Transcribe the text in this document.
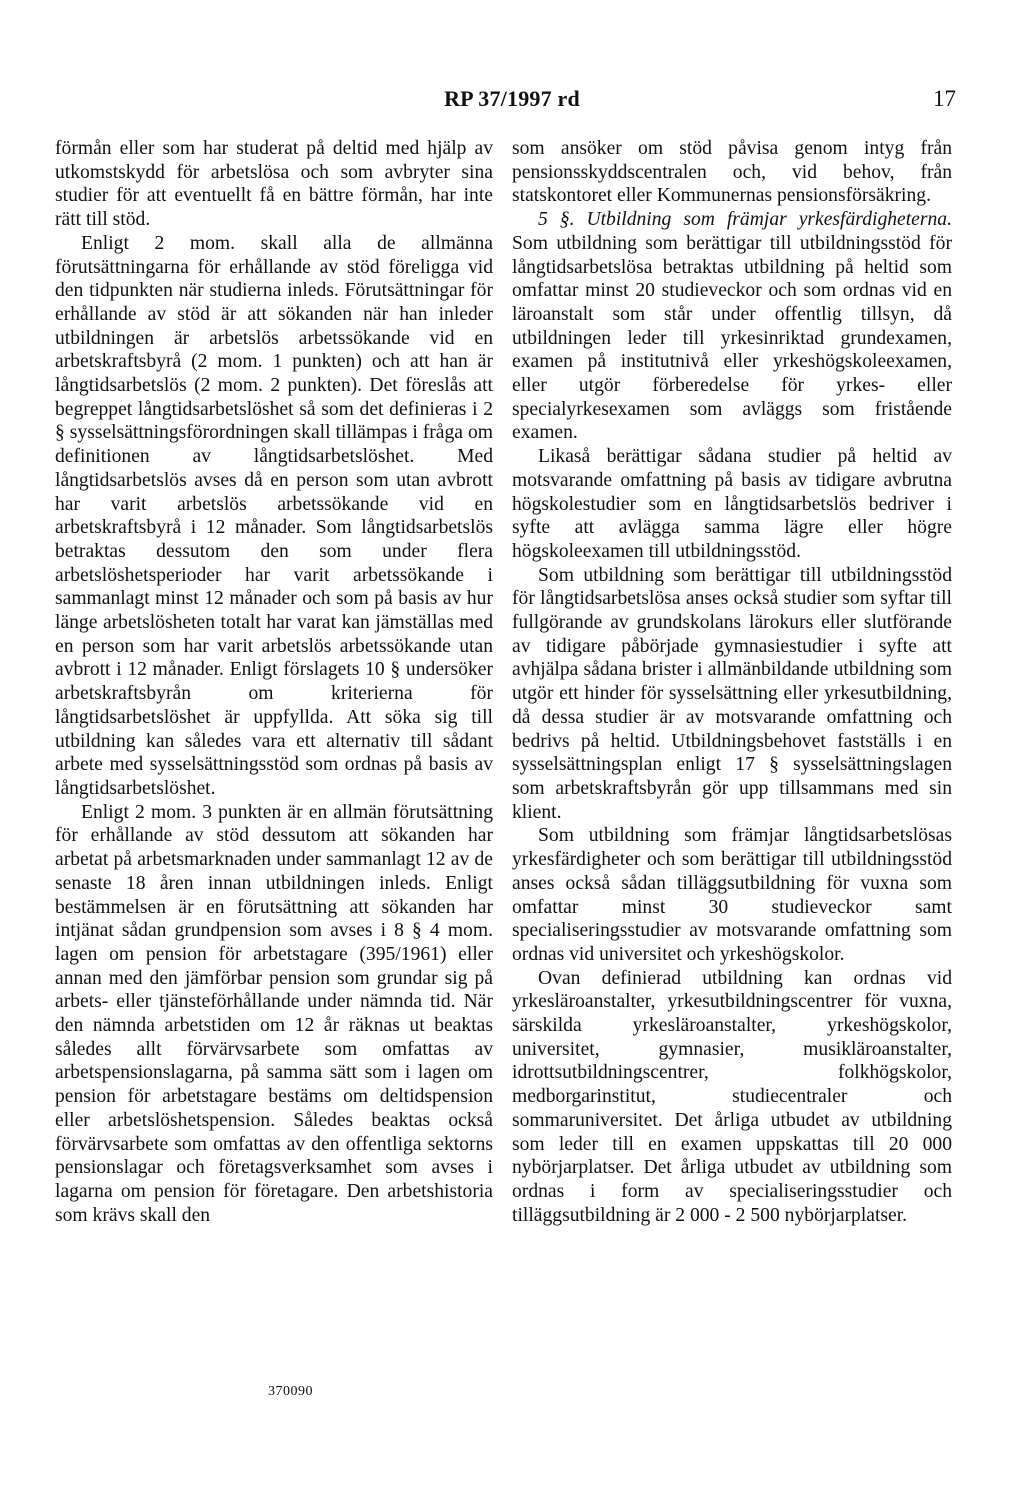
RP 37/1997 rd	17

förmån eller som har studerat på deltid med hjälp av utkomstskydd för arbetslösa och som avbryter sina studier för att eventuellt få en bättre förmån, har inte rätt till stöd.

Enligt 2 mom. skall alla de allmänna förutsättningarna för erhållande av stöd föreligga vid den tidpunkten när studierna inleds. Förutsättningar för erhållande av stöd är att sökanden när han inleder utbildningen är arbetslös arbetssökande vid en arbetskraftsbyrå (2 mom. 1 punkten) och att han är långtidsarbetslös (2 mom. 2 punkten). Det föreslås att begreppet långtidsarbetslöshet så som det definieras i 2 § sysselsättningsförordningen skall tillämpas i fråga om definitionen av långtidsarbetslöshet. Med långtidsarbetslös avses då en person som utan avbrott har varit arbetslös arbetssökande vid en arbetskraftsbyrå i 12 månader. Som långtidsarbetslös betraktas dessutom den som under flera arbetslöshetsperioder har varit arbetssökande i sammanlagt minst 12 månader och som på basis av hur länge arbetslösheten totalt har varat kan jämställas med en person som har varit arbetslös arbetssökande utan avbrott i 12 månader. Enligt förslagets 10 § undersöker arbetskraftsbyrån om kriterierna för långtidsarbetslöshet är uppfyllda. Att söka sig till utbildning kan således vara ett alternativ till sådant arbete med sysselsättningsstöd som ordnas på basis av långtidsarbetslöshet.

Enligt 2 mom. 3 punkten är en allmän förutsättning för erhållande av stöd dessutom att sökanden har arbetat på arbetsmarknaden under sammanlagt 12 av de senaste 18 åren innan utbildningen inleds. Enligt bestämmelsen är en förutsättning att sökanden har intjänat sådan grundpension som avses i 8 § 4 mom. lagen om pension för arbetstagare (395/1961) eller annan med den jämförbar pension som grundar sig på arbets- eller tjänsteförhållande under nämnda tid. När den nämnda arbetstiden om 12 år räknas ut beaktas således allt förvärvsarbete som omfattas av arbetspensionslagarna, på samma sätt som i lagen om pension för arbetstagare bestäms om deltidspension eller arbetslöshetspension. Således beaktas också förvärvsarbete som omfattas av den offentliga sektorns pensionslagar och företagsverksamhet som avses i lagarna om pension för företagare. Den arbetshistoria som krävs skall den

som ansöker om stöd påvisa genom intyg från pensionsskyddscentralen och, vid behov, från statskontoret eller Kommunernas pensionsförsäkring.

5 §. Utbildning som främjar yrkesfärdigheterna. Som utbildning som berättigar till utbildningsstöd för långtidsarbetslösa betraktas utbildning på heltid som omfattar minst 20 studieveckor och som ordnas vid en läroanstalt som står under offentlig tillsyn, då utbildningen leder till yrkesinriktad grundexamen, examen på institutnivå eller yrkeshögskoleexamen, eller utgör förberedelse för yrkes- eller specialyrkesexamen som avläggs som fristående examen.

Likaså berättigar sådana studier på heltid av motsvarande omfattning på basis av tidigare avbrutna högskolestudier som en långtidsarbetslös bedriver i syfte att avlägga samma lägre eller högre högskoleexamen till utbildningsstöd.

Som utbildning som berättigar till utbildningsstöd för långtidsarbetslösa anses också studier som syftar till fullgörande av grundskolans lärokurs eller slutförande av tidigare påbörjade gymnasiestudier i syfte att avhjälpa sådana brister i allmänbildande utbildning som utgör ett hinder för sysselsättning eller yrkesutbildning, då dessa studier är av motsvarande omfattning och bedrivs på heltid. Utbildningsbehovet fastställs i en sysselsättningsplan enligt 17 § sysselsättningslagen som arbetskraftsbyrån gör upp tillsammans med sin klient.

Som utbildning som främjar långtidsarbetslösas yrkesfärdigheter och som berättigar till utbildningsstöd anses också sådan tilläggsutbildning för vuxna som omfattar minst 30 studieveckor samt specialiseringsstudier av motsvarande omfattning som ordnas vid universitet och yrkeshögskolor.

Ovan definierad utbildning kan ordnas vid yrkesläroanstalter, yrkesutbildningscentrer för vuxna, särskilda yrkesläroanstalter, yrkeshögskolor, universitet, gymnasier, musikläroanstalter, idrottsutbildningscentrer, folkhögskolor, medborgarinstitut, studiecentraler och sommaruniversitet. Det årliga utbudet av utbildning som leder till en examen uppskattas till 20 000 nybörjarplatser. Det årliga utbudet av utbildning som ordnas i form av specialiseringsstudier och tilläggsutbildning är 2 000 - 2 500 nybörjarplatser.

370090
